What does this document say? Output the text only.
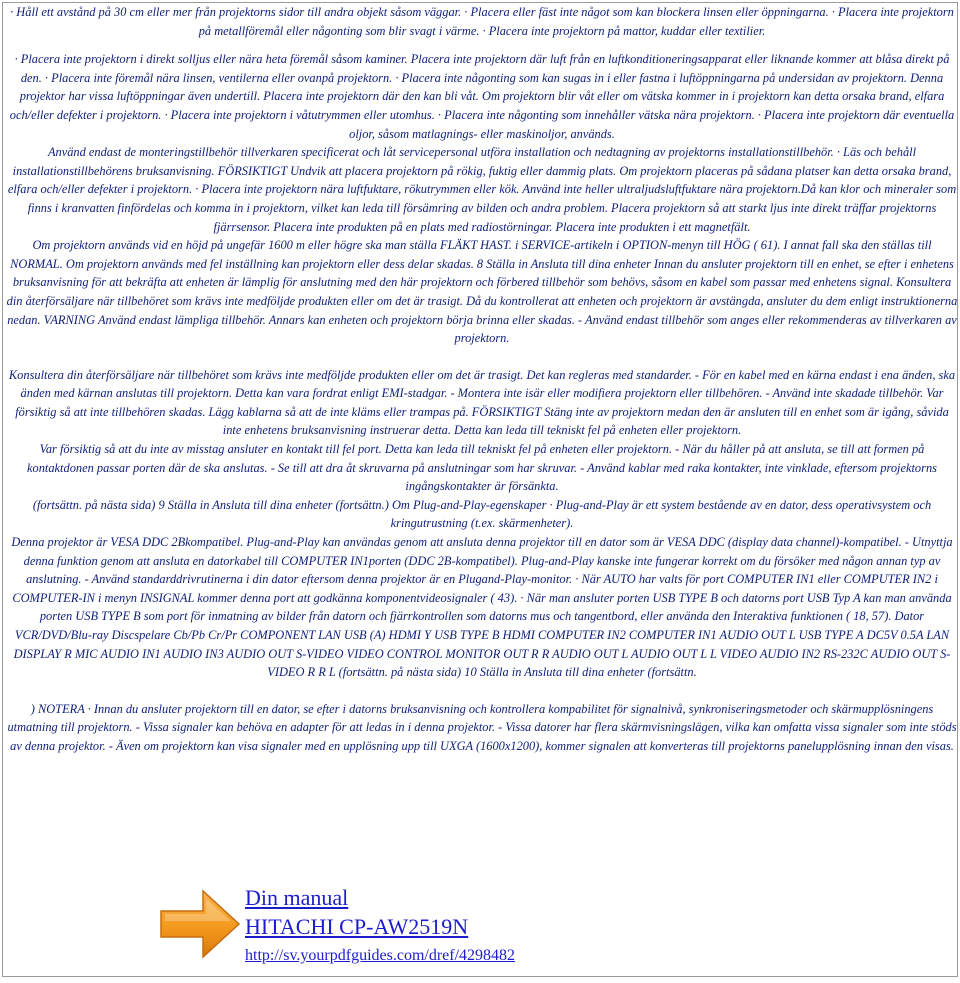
· Håll ett avstånd på 30 cm eller mer från projektorns sidor till andra objekt såsom väggar. · Placera eller fäst inte något som kan blockera linsen eller öppningarna. · Placera inte projektorn på metallföremål eller någonting som blir svagt i värme. · Placera inte projektorn på mattor, kuddar eller textilier.

· Placera inte projektorn i direkt solljus eller nära heta föremål såsom kaminer. Placera inte projektorn där luft från en luftkonditioneringsapparat eller liknande kommer att blåsa direkt på den. · Placera inte föremål nära linsen, ventilerna eller ovanpå projektorn. · Placera inte någonting som kan sugas in i eller fastna i luftöppningarna på undersidan av projektorn. Denna projektor har vissa luftöppningar även undertill. Placera inte projektorn där den kan bli våt. Om projektorn blir våt eller om vätska kommer in i projektorn kan detta orsaka brand, elfara och/eller defekter i projektorn. · Placera inte projektorn i våtutrymmen eller utomhus. · Placera inte någonting som innehåller vätska nära projektorn. · Placera inte projektorn där eventuella oljor, såsom matlagnings- eller maskinoljor, används.

Använd endast de monteringstillbehör tillverkaren specificerat och låt servicepersonal utföra installation och nedtagning av projektorns installationstillbehör. · Läs och behåll installationstillbehörens bruksanvisning. FÖRSIKTIGT Undvik att placera projektorn på rökig, fuktig eller dammig plats. Om projektorn placeras på sådana platser kan detta orsaka brand, elfara och/eller defekter i projektorn. · Placera inte projektorn nära luftfuktare, rökutrymmen eller kök. Använd inte heller ultraljudsluftfuktare nära projektorn.Då kan klor och mineraler som finns i kranvatten finfördelas och komma in i projektorn, vilket kan leda till försämring av bilden och andra problem. Placera projektorn så att starkt ljus inte direkt träffar projektorns fjärrsensor. Placera inte produkten på en plats med radiostörningar. Placera inte produkten i ett magnetfält.

Om projektorn används vid en höjd på ungefär 1600 m eller högre ska man ställa FLÄKT HAST. i SERVICE-artikeln i OPTION-menyn till HÖG ( 61). I annat fall ska den ställas till NORMAL. Om projektorn används med fel inställning kan projektorn eller dess delar skadas. 8 Ställa in Ansluta till dina enheter Innan du ansluter projektorn till en enhet, se efter i enhetens bruksanvisning för att bekräfta att enheten är lämplig för anslutning med den här projektorn och förbered tillbehör som behövs, såsom en kabel som passar med enhetens signal. Konsultera din återförsäljare när tillbehöret som krävs inte medföljde produkten eller om det är trasigt. Då du kontrollerat att enheten och projektorn är avstängda, ansluter du dem enligt instruktionerna nedan. VARNING Använd endast lämpliga tillbehör. Annars kan enheten och projektorn börja brinna eller skadas. - Använd endast tillbehör som anges eller rekommenderas av tillverkaren av projektorn.

Konsultera din återförsäljare när tillbehöret som krävs inte medföljde produkten eller om det är trasigt. Det kan regleras med standarder. - För en kabel med en kärna endast i ena änden, ska änden med kärnan anslutas till projektorn. Detta kan vara fordrat enligt EMI-stadgar. - Montera inte isär eller modifiera projektorn eller tillbehören. - Använd inte skadade tillbehör. Var försiktig så att inte tillbehören skadas. Lägg kablarna så att de inte kläms eller trampas på. FÖRSIKTIGT Stäng inte av projektorn medan den är ansluten till en enhet som är igång, såvida inte enhetens bruksanvisning instruerar detta. Detta kan leda till tekniskt fel på enheten eller projektorn.

Var försiktig så att du inte av misstag ansluter en kontakt till fel port. Detta kan leda till tekniskt fel på enheten eller projektorn. - När du håller på att ansluta, se till att formen på kontaktdonen passar porten där de ska anslutas. - Se till att dra åt skruvarna på anslutningar som har skruvar. - Använd kablar med raka kontakter, inte vinklade, eftersom projektorns ingångskontakter är försänkta.

(fortsättn. på nästa sida) 9 Ställa in Ansluta till dina enheter (fortsättn.) Om Plug-and-Play-egenskaper · Plug-and-Play är ett system bestående av en dator, dess operativsystem och kringutrustning (t.ex. skärmenheter).

Denna projektor är VESA DDC 2Bkompatibel. Plug-and-Play kan användas genom att ansluta denna projektor till en dator som är VESA DDC (display data channel)-kompatibel. - Utnyttja denna funktion genom att ansluta en datorkabel till COMPUTER IN1porten (DDC 2B-kompatibel). Plug-and-Play kanske inte fungerar korrekt om du försöker med någon annan typ av anslutning. - Använd standarddrivrutinerna i din dator eftersom denna projektor är en Plugand-Play-monitor. · När AUTO har valts för port COMPUTER IN1 eller COMPUTER IN2 i COMPUTER-IN i menyn INSIGNAL kommer denna port att godkänna komponentvideosignaler ( 43). · När man ansluter porten USB TYPE B och datorns port USB Typ A kan man använda porten USB TYPE B som port för inmatning av bilder från datorn och fjärrkontrollen som datorns mus och tangentbord, eller använda den Interaktiva funktionen ( 18, 57). Dator VCR/DVD/Blu-ray Discspelare Cb/Pb Cr/Pr COMPONENT LAN USB (A) HDMI Y USB TYPE B HDMI COMPUTER IN2 COMPUTER IN1 AUDIO OUT L USB TYPE A DC5V 0.5A LAN DISPLAY R MIC AUDIO IN1 AUDIO IN3 AUDIO OUT S-VIDEO VIDEO CONTROL MONITOR OUT R R AUDIO OUT L AUDIO OUT L L VIDEO AUDIO IN2 RS-232C AUDIO OUT S-VIDEO R R L (fortsättn. på nästa sida) 10 Ställa in Ansluta till dina enheter (fortsättn.

) NOTERA · Innan du ansluter projektorn till en dator, se efter i datorns bruksanvisning och kontrollera kompabilitet för signalnivå, synkroniseringsmetoder och skärmupplösningens utmatning till projektorn. - Vissa signaler kan behöva en adapter för att ledas in i denna projektor. - Vissa datorer har flera skärmvisningslägen, vilka kan omfatta vissa signaler som inte stöds av denna projektor. - Även om projektorn kan visa signaler med en upplösning upp till UXGA (1600x1200), kommer signalen att konverteras till projektorns panelupplösning innan den visas.

Din manual
HITACHI CP-AW2519N
http://sv.yourpdfguides.com/dref/4298482
